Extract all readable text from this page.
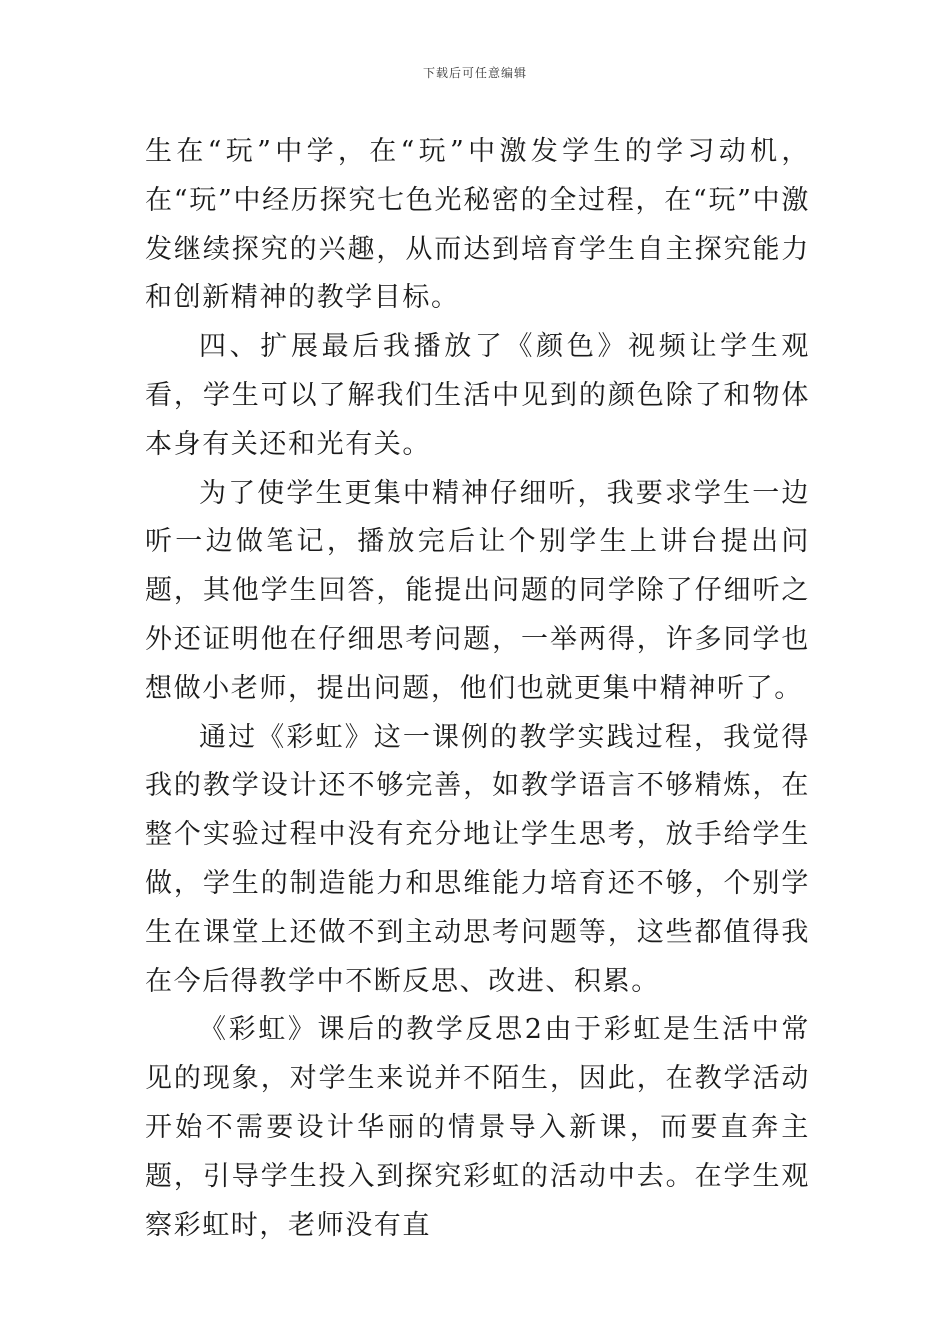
下载后可任意编辑

生在“玩”中学，在“玩”中激发学生的学习动机，在“玩”中经历探究七色光秘密的全过程，在“玩”中激发继续探究的兴趣，从而达到培育学生自主探究能力和创新精神的教学目标。

四、扩展最后我播放了《颜色》视频让学生观看，学生可以了解我们生活中见到的颜色除了和物体本身有关还和光有关。

为了使学生更集中精神仔细听，我要求学生一边听一边做笔记，播放完后让个别学生上讲台提出问题，其他学生回答，能提出问题的同学除了仔细听之外还证明他在仔细思考问题，一举两得，许多同学也想做小老师，提出问题，他们也就更集中精神听了。

通过《彩虹》这一课例的教学实践过程，我觉得我的教学设计还不够完善，如教学语言不够精炼，在整个实验过程中没有充分地让学生思考，放手给学生做，学生的制造能力和思维能力培育还不够，个别学生在课堂上还做不到主动思考问题等，这些都值得我在今后得教学中不断反思、改进、积累。

《彩虹》课后的教学反思2由于彩虹是生活中常见的现象，对学生来说并不陌生，因此，在教学活动开始不需要设计华丽的情景导入新课，而要直奔主题，引导学生投入到探究彩虹的活动中去。在学生观察彩虹时，老师没有直
